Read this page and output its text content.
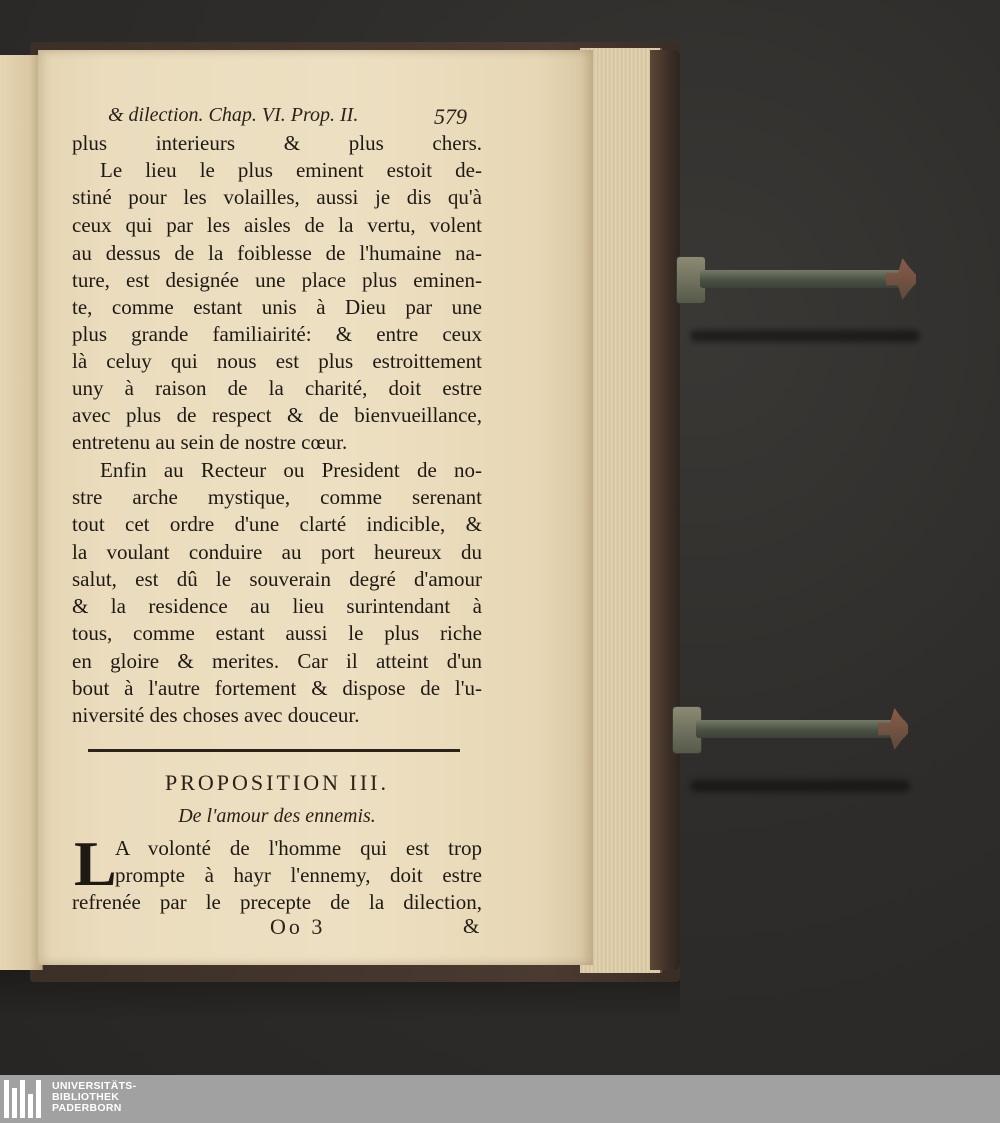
& dilection. Chap. VI. Prop. II.	579
plus interieurs & plus chers.
Le lieu le plus eminent estoit de-
stiné pour les volailles, aussi je dis qu'à
ceux qui par les aisles de la vertu, volent
au dessus de la foiblesse de l'humaine na-
ture, est designée une place plus eminen-
te, comme estant unis à Dieu par une
plus grande familiairité: & entre ceux
là celuy qui nous est plus estroittement
uny à raison de la charité, doit estre
avec plus de respect & de bienvueillance,
entretenu au sein de nostre cœur.
Enfin au Recteur ou President de no-
stre arche mystique, comme serenant
tout cet ordre d'une clarté indicible, &
la voulant conduire au port heureux du
salut, est dû le souverain degré d'amour
& la residence au lieu surintendant à
tous, comme estant aussi le plus riche
en gloire & merites. Car il atteint d'un
bout à l'autre fortement & dispose de l'u-
niversité des choses avec douceur.
PROPOSITION III.
De l'amour des ennemis.
L
A volonté de l'homme qui est trop
prompte à hayr l'ennemy, doit estre
refrenée par le precepte de la dilection,
Oo 3	&
UNIVERSITÄTS-
BIBLIOTHEK
PADERBORN
